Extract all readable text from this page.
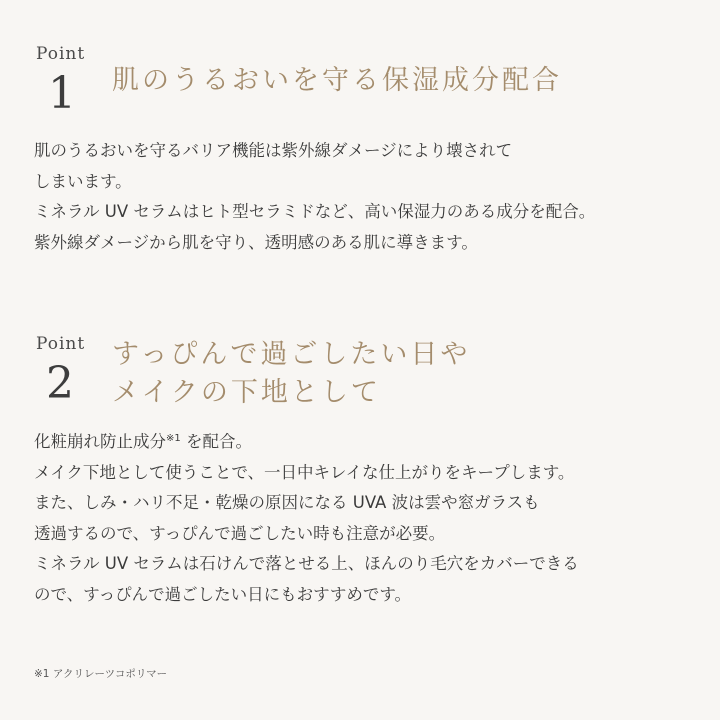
Point
1 肌のうるおいを守る保湿成分配合
肌のうるおいを守るバリア機能は紫外線ダメージにより壊されて
しまいます。
ミネラル UV セラムはヒト型セラミドなど、高い保湿力のある成分を配合。
紫外線ダメージから肌を守り、透明感のある肌に導きます。
Point
2
すっぴんで過ごしたい日や
メイクの下地として
化粧崩れ防止成分$^{※1}$ を配合。
メイク下地として使うことで、一日中キレイな仕上がりをキープします。
また、しみ・ハリ不足・乾燥の原因になる UVA 波は雲や窓ガラスも
透過するので、すっぴんで過ごしたい時も注意が必要。
ミネラル UV セラムは石けんで落とせる上、ほんのり毛穴をカバーできる
ので、すっぴんで過ごしたい日にもおすすめです。
※1 アクリレーツコポリマー
